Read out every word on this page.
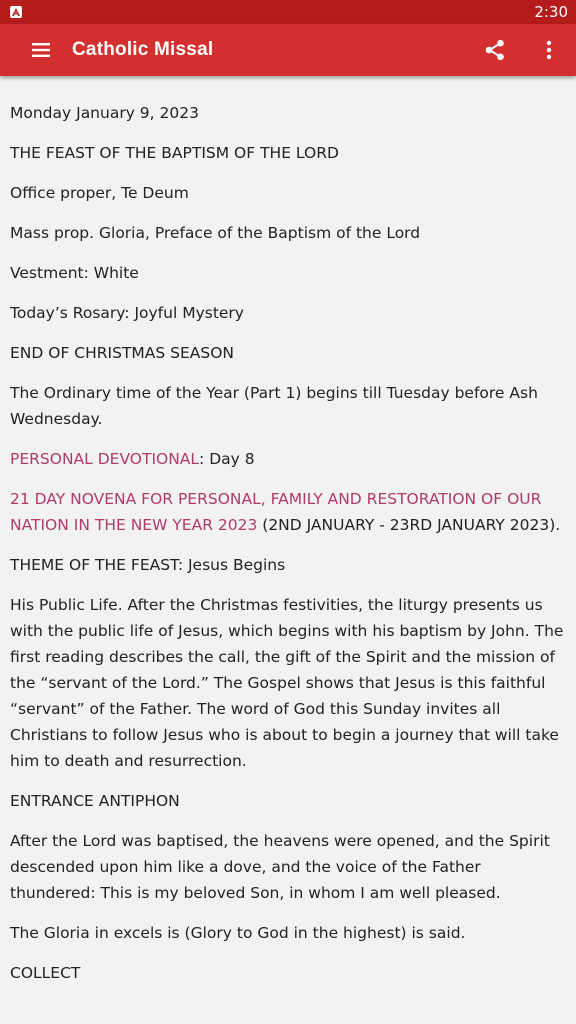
2:30
Catholic Missal

Monday January 9, 2023

THE FEAST OF THE BAPTISM OF THE LORD

Office proper, Te Deum

Mass prop. Gloria, Preface of the Baptism of the Lord

Vestment: White

Today’s Rosary: Joyful Mystery

END OF CHRISTMAS SEASON

The Ordinary time of the Year (Part 1) begins till Tuesday before Ash Wednesday.

PERSONAL DEVOTIONAL: Day 8

21 DAY NOVENA FOR PERSONAL, FAMILY AND RESTORATION OF OUR NATION IN THE NEW YEAR 2023 (2ND JANUARY - 23RD JANUARY 2023).

THEME OF THE FEAST: Jesus Begins

His Public Life. After the Christmas festivities, the liturgy presents us with the public life of Jesus, which begins with his baptism by John. The first reading describes the call, the gift of the Spirit and the mission of the “servant of the Lord.” The Gospel shows that Jesus is this faithful “servant” of the Father. The word of God this Sunday invites all Christians to follow Jesus who is about to begin a journey that will take him to death and resurrection.

ENTRANCE ANTIPHON

After the Lord was baptised, the heavens were opened, and the Spirit descended upon him like a dove, and the voice of the Father thundered: This is my beloved Son, in whom I am well pleased.

The Gloria in excels is (Glory to God in the highest) is said.

COLLECT
